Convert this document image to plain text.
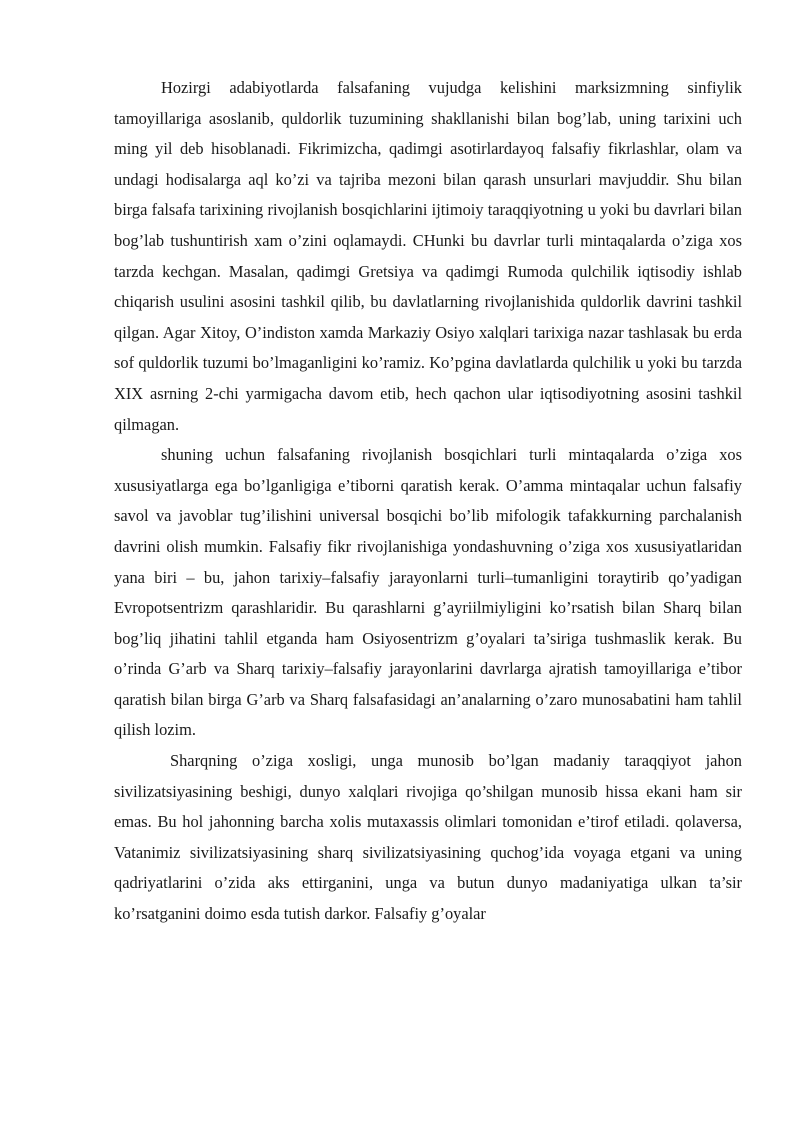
Hozirgi adabiyotlarda falsafaning vujudga kelishini marksizmning sinfiylik tamoyillariga asoslanib, quldorlik tuzumining shakllanishi bilan bog’lab, uning tarixini uch ming yil deb hisoblanadi. Fikrimizcha, qadimgi asotirlardayoq falsafiy fikrlashlar, olam va undagi hodisalarga aql ko’zi va tajriba mezoni bilan qarash unsurlari mavjuddir. Shu bilan birga falsafa tarixining rivojlanish bosqichlarini ijtimoiy taraqqiyotning u yoki bu davrlari bilan bog’lab tushuntirish xam o’zini oqlamaydi. CHunki bu davrlar turli mintaqalarda o’ziga xos tarzda kechgan. Masalan, qadimgi Gretsiya va qadimgi Rumoda qulchilik iqtisodiy ishlab chiqarish usulini asosini tashkil qilib, bu davlatlarning rivojlanishida quldorlik davrini tashkil qilgan. Agar Xitoy, O’indiston xamda Markaziy Osiyo xalqlari tarixiga nazar tashlasak bu erda sof quldorlik tuzumi bo’lmaganligini ko’ramiz. Ko’pgina davlatlarda qulchilik u yoki bu tarzda XIX asrning 2-chi yarmigacha davom etib, hech qachon ular iqtisodiyotning asosini tashkil qilmagan.

shuning uchun falsafaning rivojlanish bosqichlari turli mintaqalarda o’ziga xos xususiyatlarga ega bo’lganligiga e’tiborni qaratish kerak. O’amma mintaqalar uchun falsafiy savol va javoblar tug’ilishini universal bosqichi bo’lib mifologik tafakkurning parchalanish davrini olish mumkin. Falsafiy fikr rivojlanishiga yondashuvning o’ziga xos xususiyatlaridan yana biri – bu, jahon tarixiy–falsafiy jarayonlarni turli–tumanligini toraytirib qo’yadigan Evropotsentrizm qarashlaridir. Bu qarashlarni g’ayriilmiyligini ko’rsatish bilan Sharq bilan bog’liq jihatini tahlil etganda ham Osiyosentrizm g’oyalari ta’siriga tushmaslik kerak. Bu o’rinda G’arb va Sharq tarixiy–falsafiy jarayonlarini davrlarga ajratish tamoyillariga e’tibor qaratish bilan birga G’arb va Sharq falsafasidagi an’analarning o’zaro munosabatini ham tahlil qilish lozim.

Sharqning o’ziga xosligi, unga munosib bo’lgan madaniy taraqqiyot jahon sivilizatsiyasining beshigi, dunyo xalqlari rivojiga qo’shilgan munosib hissa ekani ham sir emas. Bu hol jahonning barcha xolis mutaxassis olimlari tomonidan e’tirof etiladi. qolaversa, Vatanimiz sivilizatsiyasining sharq sivilizatsiyasining quchog’ida voyaga etgani va uning qadriyatlarini o’zida aks ettirganini, unga va butun dunyo madaniyatiga ulkan ta’sir ko’rsatganini doimo esda tutish darkor. Falsafiy g’oyalar
